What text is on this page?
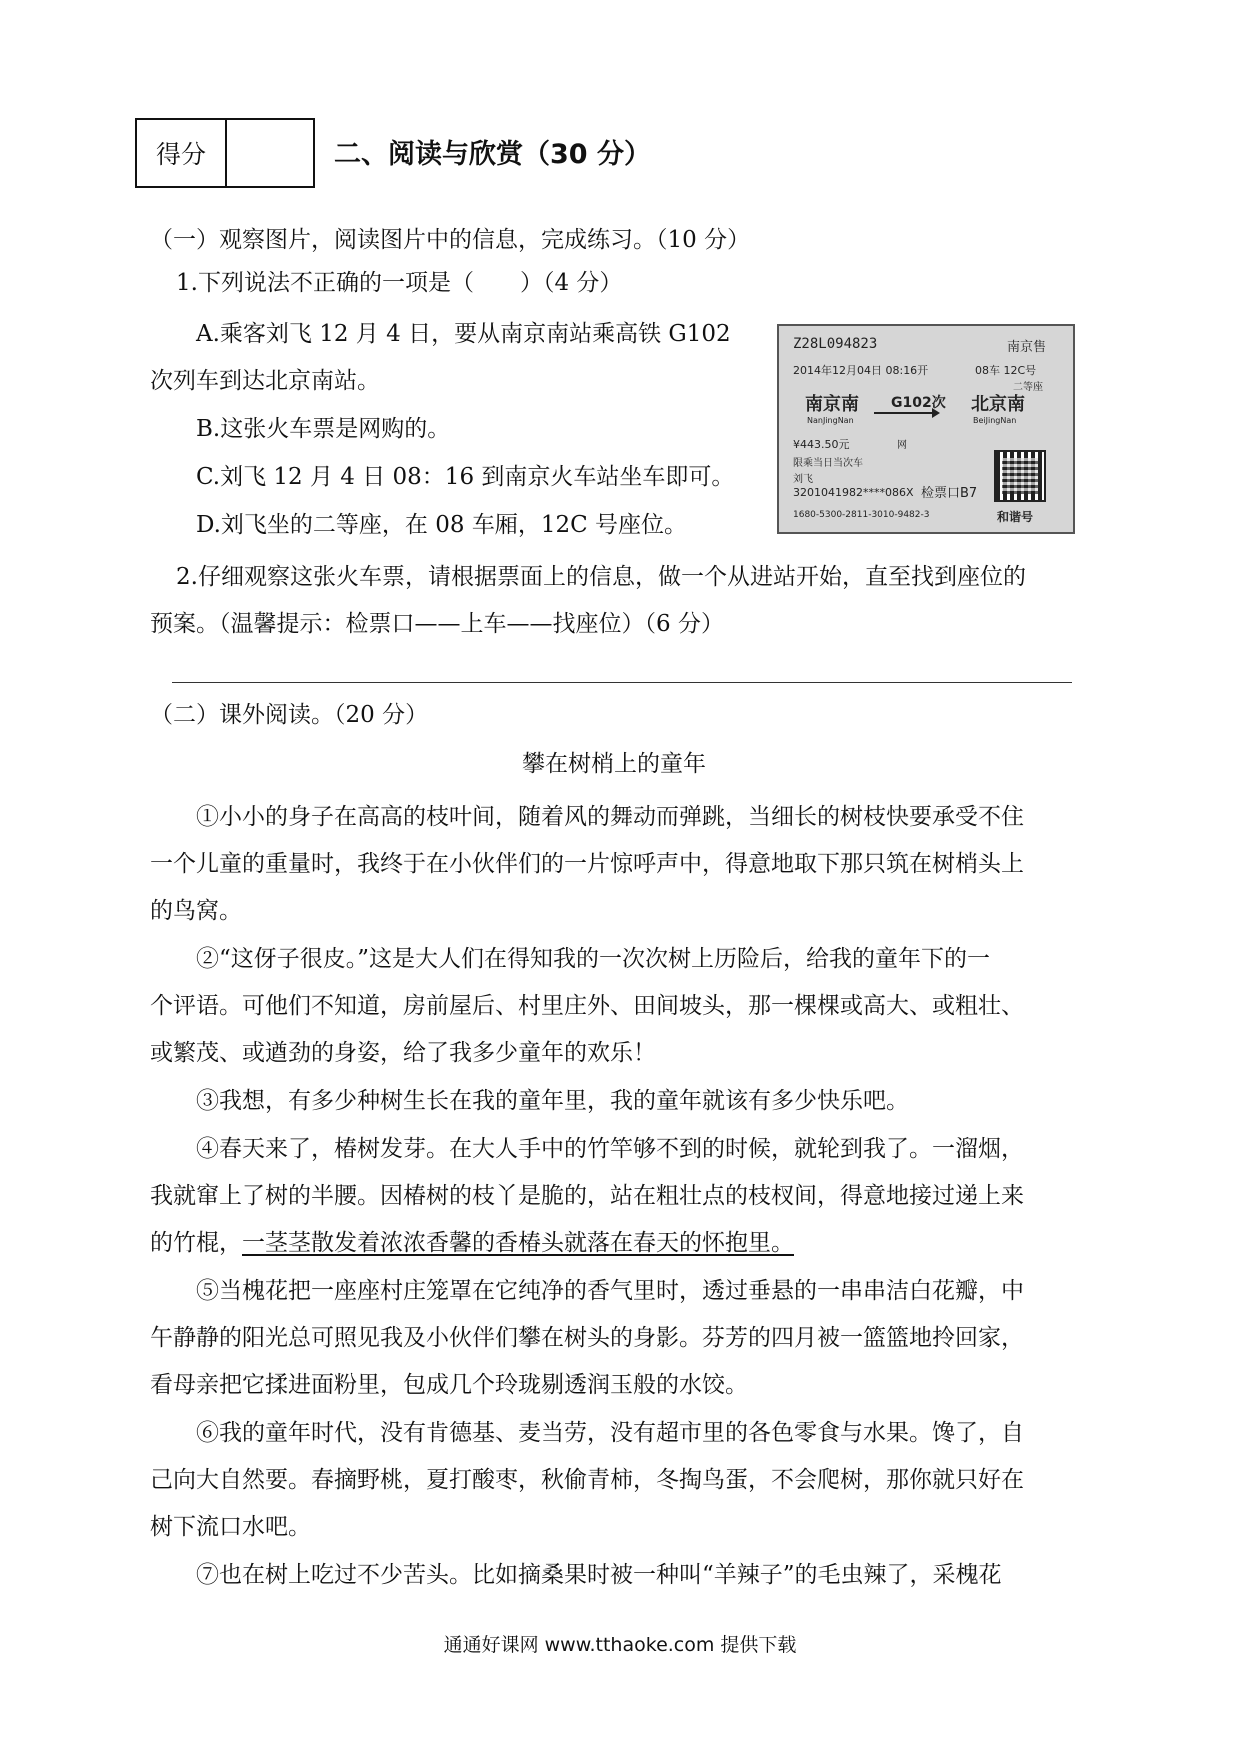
得分	二、阅读与欣赏（30 分）
（一）观察图片，阅读图片中的信息，完成练习。（10 分）
1.下列说法不正确的一项是（　　）（4 分）
A.乘客刘飞 12 月 4 日，要从南京南站乘高铁 G102
次列车到达北京南站。
B.这张火车票是网购的。
C.刘飞 12 月 4 日 08：16 到南京火车站坐车即可。
D.刘飞坐的二等座，在 08 车厢，12C 号座位。
2.仔细观察这张火车票，请根据票面上的信息，做一个从进站开始，直至找到座位的
预案。（温馨提示：检票口——上车——找座位）（6 分）
Z28L094823	南京售
2014年12月04日 08:16开	08车 12C号
二等座
南京南
NanJingNan
G102次 北京南
BeiJingNan
¥443.50元	网
限乘当日当次车
刘飞
3201041982****086X 检票口B7
1680-5300-2811-3010-9482-3	和谐号
（二）课外阅读。（20 分）
攀在树梢上的童年
①小小的身子在高高的枝叶间，随着风的舞动而弹跳，当细长的树枝快要承受不住
一个儿童的重量时，我终于在小伙伴们的一片惊呼声中，得意地取下那只筑在树梢头上
的鸟窝。
②“这伢子很皮。”这是大人们在得知我的一次次树上历险后，给我的童年下的一
个评语。可他们不知道，房前屋后、村里庄外、田间坡头，那一棵棵或高大、或粗壮、
或繁茂、或遒劲的身姿，给了我多少童年的欢乐！
③我想，有多少种树生长在我的童年里，我的童年就该有多少快乐吧。
④春天来了，椿树发芽。在大人手中的竹竿够不到的时候，就轮到我了。一溜烟，
我就窜上了树的半腰。因椿树的枝丫是脆的，站在粗壮点的枝杈间，得意地接过递上来
的竹棍，一茎茎散发着浓浓香馨的香椿头就落在春天的怀抱里。
⑤当槐花把一座座村庄笼罩在它纯净的香气里时，透过垂悬的一串串洁白花瓣，中
午静静的阳光总可照见我及小伙伴们攀在树头的身影。芬芳的四月被一篮篮地拎回家，
看母亲把它揉进面粉里，包成几个玲珑剔透润玉般的水饺。
⑥我的童年时代，没有肯德基、麦当劳，没有超市里的各色零食与水果。馋了，自
己向大自然要。春摘野桃，夏打酸枣，秋偷青柿，冬掏鸟蛋，不会爬树，那你就只好在
树下流口水吧。
⑦也在树上吃过不少苦头。比如摘桑果时被一种叫“羊辣子”的毛虫辣了，采槐花
通通好课网 www.tthaoke.com 提供下载
